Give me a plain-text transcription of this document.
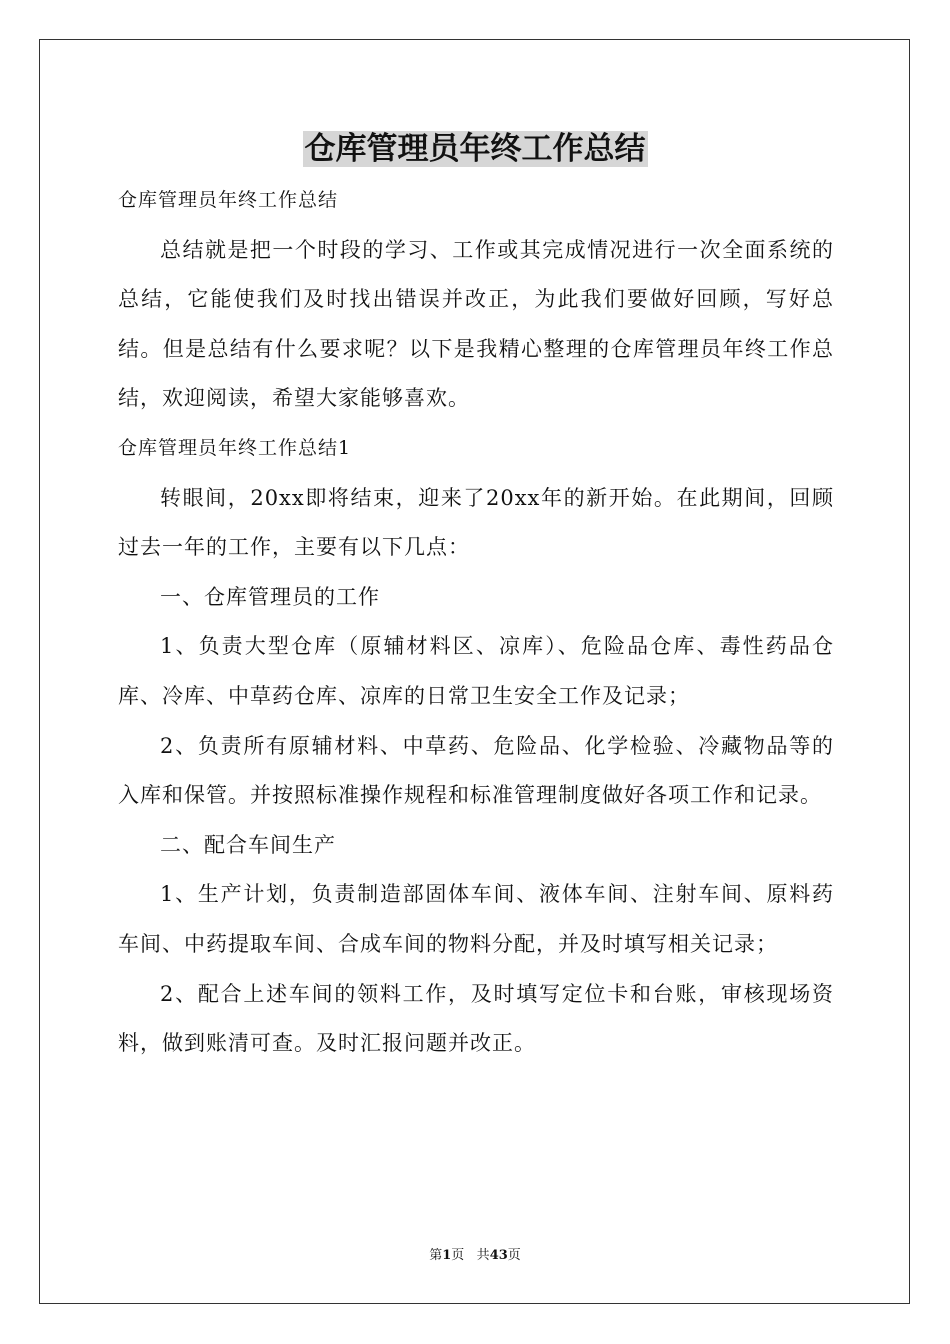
仓库管理员年终工作总结

仓库管理员年终工作总结

总结就是把一个时段的学习、工作或其完成情况进行一次全面系统的总结，它能使我们及时找出错误并改正，为此我们要做好回顾，写好总结。但是总结有什么要求呢？以下是我精心整理的仓库管理员年终工作总结，欢迎阅读，希望大家能够喜欢。

仓库管理员年终工作总结1

转眼间，20xx即将结束，迎来了20xx年的新开始。在此期间，回顾过去一年的工作，主要有以下几点：

一、仓库管理员的工作

1、负责大型仓库（原辅材料区、凉库）、危险品仓库、毒性药品仓库、冷库、中草药仓库、凉库的日常卫生安全工作及记录；

2、负责所有原辅材料、中草药、危险品、化学检验、冷藏物品等的入库和保管。并按照标准操作规程和标准管理制度做好各项工作和记录。

二、配合车间生产

1、生产计划，负责制造部固体车间、液体车间、注射车间、原料药车间、中药提取车间、合成车间的物料分配，并及时填写相关记录；

2、配合上述车间的领料工作，及时填写定位卡和台账，审核现场资料，做到账清可查。及时汇报问题并改正。

第1页 共43页
